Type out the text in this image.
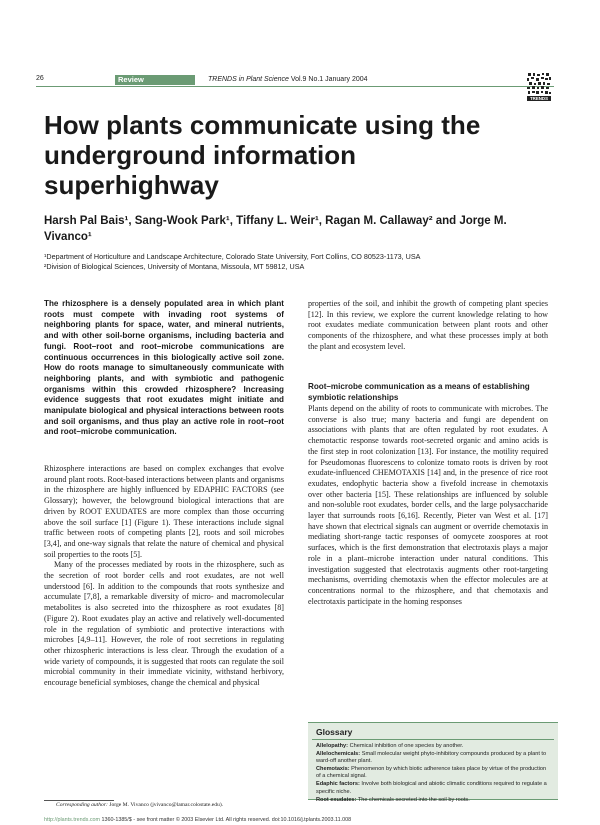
26	Review	TRENDS in Plant Science Vol.9 No.1 January 2004
TRENDS
How plants communicate using the underground information superhighway
Harsh Pal Bais¹, Sang-Wook Park¹, Tiffany L. Weir¹, Ragan M. Callaway² and Jorge M. Vivanco¹
¹Department of Horticulture and Landscape Architecture, Colorado State University, Fort Collins, CO 80523-1173, USA
²Division of Biological Sciences, University of Montana, Missoula, MT 59812, USA
The rhizosphere is a densely populated area in which plant roots must compete with invading root systems of neighboring plants for space, water, and mineral nutrients, and with other soil-borne organisms, including bacteria and fungi. Root–root and root–microbe communications are continuous occurrences in this biologically active soil zone. How do roots manage to simultaneously communicate with neighboring plants, and with symbiotic and pathogenic organisms within this crowded rhizosphere? Increasing evidence suggests that root exudates might initiate and manipulate biological and physical interactions between roots and soil organisms, and thus play an active role in root–root and root–microbe communication.

Rhizosphere interactions are based on complex exchanges that evolve around plant roots. Root-based interactions between plants and organisms in the rhizosphere are highly influenced by EDAPHIC FACTORS (see Glossary); however, the belowground biological interactions that are driven by ROOT EXUDATES are more complex than those occurring above the soil surface [1] (Figure 1). These interactions include signal traffic between roots of competing plants [2], roots and soil microbes [3,4], and one-way signals that relate the nature of chemical and physical soil properties to the roots [5].

Many of the processes mediated by roots in the rhizosphere, such as the secretion of root border cells and root exudates, are not well understood [6]. In addition to the compounds that roots synthesize and accumulate [7,8], a remarkable diversity of micro- and macromolecular metabolites is also secreted into the rhizosphere as root exudates [8] (Figure 2). Root exudates play an active and relatively well-documented role in the regulation of symbiotic and protective interactions with microbes [4,9–11]. However, the role of root secretions in regulating other rhizospheric interactions is less clear. Through the exudation of a wide variety of compounds, it is suggested that roots can regulate the soil microbial community in their immediate vicinity, withstand herbivory, encourage beneficial symbioses, change the chemical and physical

properties of the soil, and inhibit the growth of competing plant species [12]. In this review, we explore the current knowledge relating to how root exudates mediate communication between plant roots and other components of the rhizosphere, and what these processes imply at both the plant and ecosystem level.
Root–microbe communication as a means of establishing symbiotic relationships
Plants depend on the ability of roots to communicate with microbes. The converse is also true; many bacteria and fungi are dependent on associations with plants that are often regulated by root exudates. A chemotactic response towards root-secreted organic and amino acids is the first step in root colonization [13]. For instance, the motility required for Pseudomonas fluorescens to colonize tomato roots is driven by root exudate-influenced CHEMOTAXIS [14] and, in the presence of rice root exudates, endophytic bacteria show a fivefold increase in chemotaxis over other bacteria [15]. These relationships are influenced by soluble and non-soluble root exudates, border cells, and the large polysaccharide layer that surrounds roots [6,16]. Recently, Pieter van West et al. [17] have shown that electrical signals can augment or override chemotaxis in mediating short-range tactic responses of oomycete zoospores at root surfaces, which is the first demonstration that electrotaxis plays a major role in a plant–microbe interaction under natural conditions. This investigation suggested that electrotaxis augments other root-targeting mechanisms, overriding chemotaxis when the effector molecules are at concentrations normal to the rhizosphere, and that chemotaxis and electrotaxis participate in the homing responses
Glossary
Allelopathy: Chemical inhibition of one species by another.
Allelochemicals: Small molecular weight phyto-inhibitory compounds produced by a plant to ward-off another plant.
Chemotaxis: Phenomenon by which biotic adherence takes place by virtue of the production of a chemical signal.
Edaphic factors: Involve both biological and abiotic climatic conditions required to regulate a specific niche.
Root exudates: The chemicals secreted into the soil by roots.
Corresponding author: Jorge M. Vivanco (jvivanco@lamar.colostate.edu).
http://plants.trends.com 1360-1385/$ - see front matter © 2003 Elsevier Ltd. All rights reserved. doi:10.1016/j.tplants.2003.11.008
